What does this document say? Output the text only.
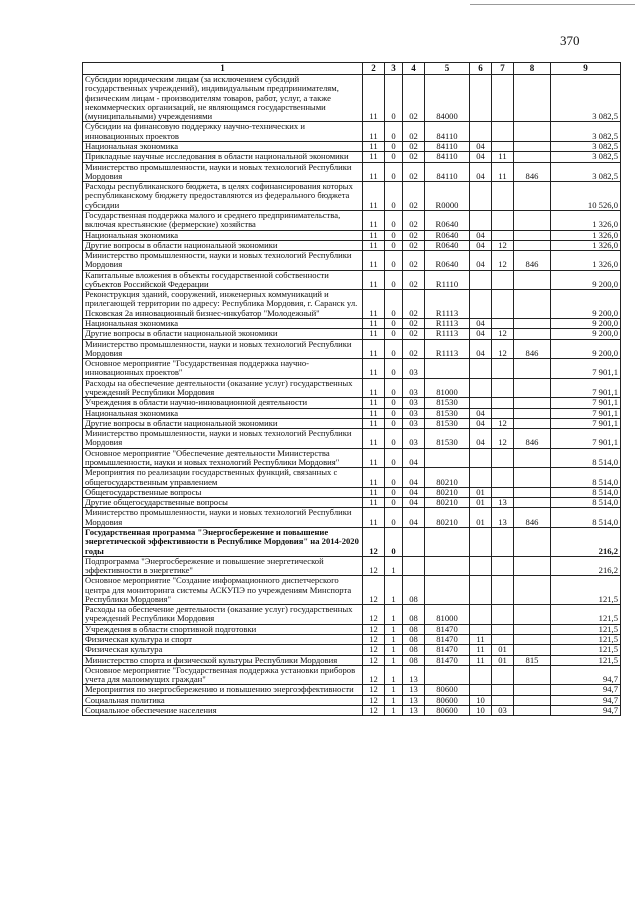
370
1	2	3	4	5	6	7	8	9
Субсидии юридическим лицам (за исключением субсидий государственных учреждений), индивидуальным предпринимателям, физическим лицам - производителям товаров, работ, услуг, а также некоммерческих организаций, не являющимся государственными (муниципальными) учреждениями	11	0	02	84000				3 082,5
Субсидии на финансовую поддержку научно-технических и инновационных проектов	11	0	02	84110				3 082,5
Национальная экономика	11	0	02	84110	04			3 082,5
Прикладные научные исследования в области национальной экономики	11	0	02	84110	04	11		3 082,5
Министерство промышленности, науки и новых технологий Республики Мордовия	11	0	02	84110	04	11	846	3 082,5
Расходы республиканского бюджета, в целях софинансирования которых республиканскому бюджету предоставляются из федерального бюджета субсидии	11	0	02	R0000				10 526,0
Государственная поддержка малого и среднего предпринимательства, включая крестьянские (фермерские) хозяйства	11	0	02	R0640				1 326,0
Национальная экономика	11	0	02	R0640	04			1 326,0
Другие вопросы в области национальной экономики	11	0	02	R0640	04	12		1 326,0
Министерство промышленности, науки и новых технологий Республики Мордовия	11	0	02	R0640	04	12	846	1 326,0
Капитальные вложения в объекты государственной собственности субъектов Российской Федерации	11	0	02	R1110				9 200,0
Реконструкция зданий, сооружений, инженерных коммуникаций и прилегающей территории по адресу: Республика Мордовия, г. Саранск ул. Псковская 2а инновационный бизнес-инкубатор "Молодежный"	11	0	02	R1113				9 200,0
Национальная экономика	11	0	02	R1113	04			9 200,0
Другие вопросы в области национальной экономики	11	0	02	R1113	04	12		9 200,0
Министерство промышленности, науки и новых технологий Республики Мордовия	11	0	02	R1113	04	12	846	9 200,0
Основное мероприятие "Государственная поддержка научно-инновационных проектов"	11	0	03					7 901,1
Расходы на обеспечение деятельности (оказание услуг) государственных учреждений Республики Мордовия	11	0	03	81000				7 901,1
Учреждения в области научно-инновационной деятельности	11	0	03	81530				7 901,1
Национальная экономика	11	0	03	81530	04			7 901,1
Другие вопросы в области национальной экономики	11	0	03	81530	04	12		7 901,1
Министерство промышленности, науки и новых технологий Республики Мордовия	11	0	03	81530	04	12	846	7 901,1
Основное мероприятие "Обеспечение деятельности Министерства промышленности, науки и новых технологий Республики Мордовия"	11	0	04					8 514,0
Мероприятия по реализации государственных функций, связанных с общегосударственным управлением	11	0	04	80210				8 514,0
Общегосударственные вопросы	11	0	04	80210	01			8 514,0
Другие общегосударственные вопросы	11	0	04	80210	01	13		8 514,0
Министерство промышленности, науки и новых технологий Республики Мордовия	11	0	04	80210	01	13	846	8 514,0
Государственная программа "Энергосбережение и повышение энергетической эффективности в Республике Мордовия" на 2014-2020 годы	12	0						216,2
Подпрограмма "Энергосбережение и повышение энергетической эффективности в энергетике"	12	1						216,2
Основное мероприятие "Создание информационного диспетчерского центра для мониторинга системы АСКУПЭ по учреждениям Минспорта Республики Мордовия"	12	1	08					121,5
Расходы на обеспечение деятельности (оказание услуг) государственных учреждений Республики Мордовия	12	1	08	81000				121,5
Учреждения в области спортивной подготовки	12	1	08	81470				121,5
Физическая культура и спорт	12	1	08	81470	11			121,5
Физическая культура	12	1	08	81470	11	01		121,5
Министерство спорта и физической культуры Республики Мордовия	12	1	08	81470	11	01	815	121,5
Основное мероприятие "Государственная поддержка установки приборов учета для малоимущих граждан"	12	1	13					94,7
Мероприятия по энергосбережению и повышению энергоэффективности	12	1	13	80600				94,7
Социальная политика	12	1	13	80600	10			94,7
Социальное обеспечение населения	12	1	13	80600	10	03		94,7
